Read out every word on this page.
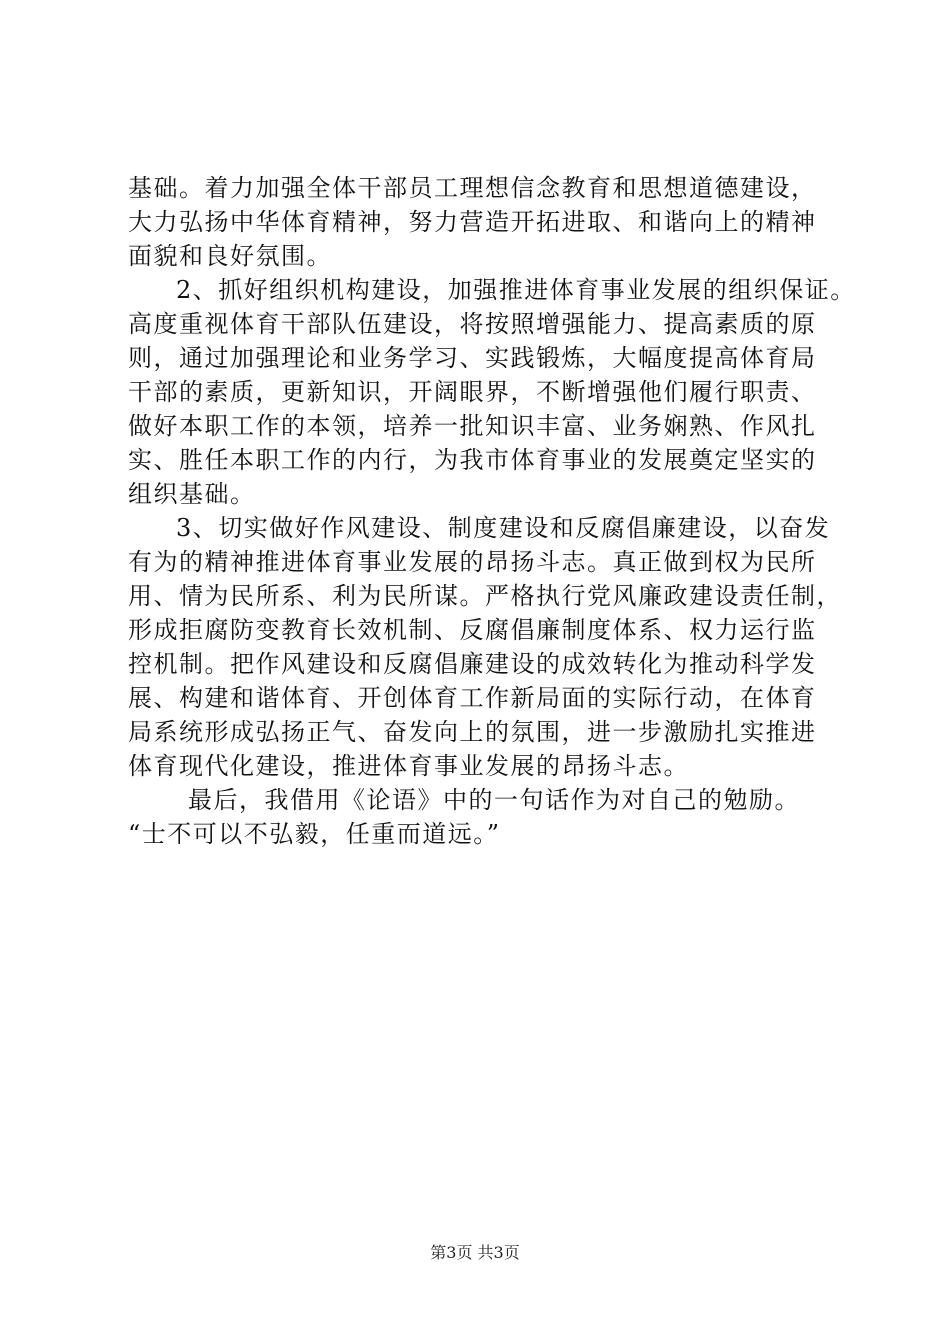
基础。着力加强全体干部员工理想信念教育和思想道德建设，
大力弘扬中华体育精神，努力营造开拓进取、和谐向上的精神
面貌和良好氛围。
2、抓好组织机构建设，加强推进体育事业发展的组织保证。
高度重视体育干部队伍建设，将按照增强能力、提高素质的原
则，通过加强理论和业务学习、实践锻炼，大幅度提高体育局
干部的素质，更新知识，开阔眼界，不断增强他们履行职责、
做好本职工作的本领，培养一批知识丰富、业务娴熟、作风扎
实、胜任本职工作的内行，为我市体育事业的发展奠定坚实的
组织基础。
3、切实做好作风建设、制度建设和反腐倡廉建设，以奋发
有为的精神推进体育事业发展的昂扬斗志。真正做到权为民所
用、情为民所系、利为民所谋。严格执行党风廉政建设责任制，
形成拒腐防变教育长效机制、反腐倡廉制度体系、权力运行监
控机制。把作风建设和反腐倡廉建设的成效转化为推动科学发
展、构建和谐体育、开创体育工作新局面的实际行动，在体育
局系统形成弘扬正气、奋发向上的氛围，进一步激励扎实推进
体育现代化建设，推进体育事业发展的昂扬斗志。
最后，我借用《论语》中的一句话作为对自己的勉励。
“士不可以不弘毅，任重而道远。”
第3页 共3页
